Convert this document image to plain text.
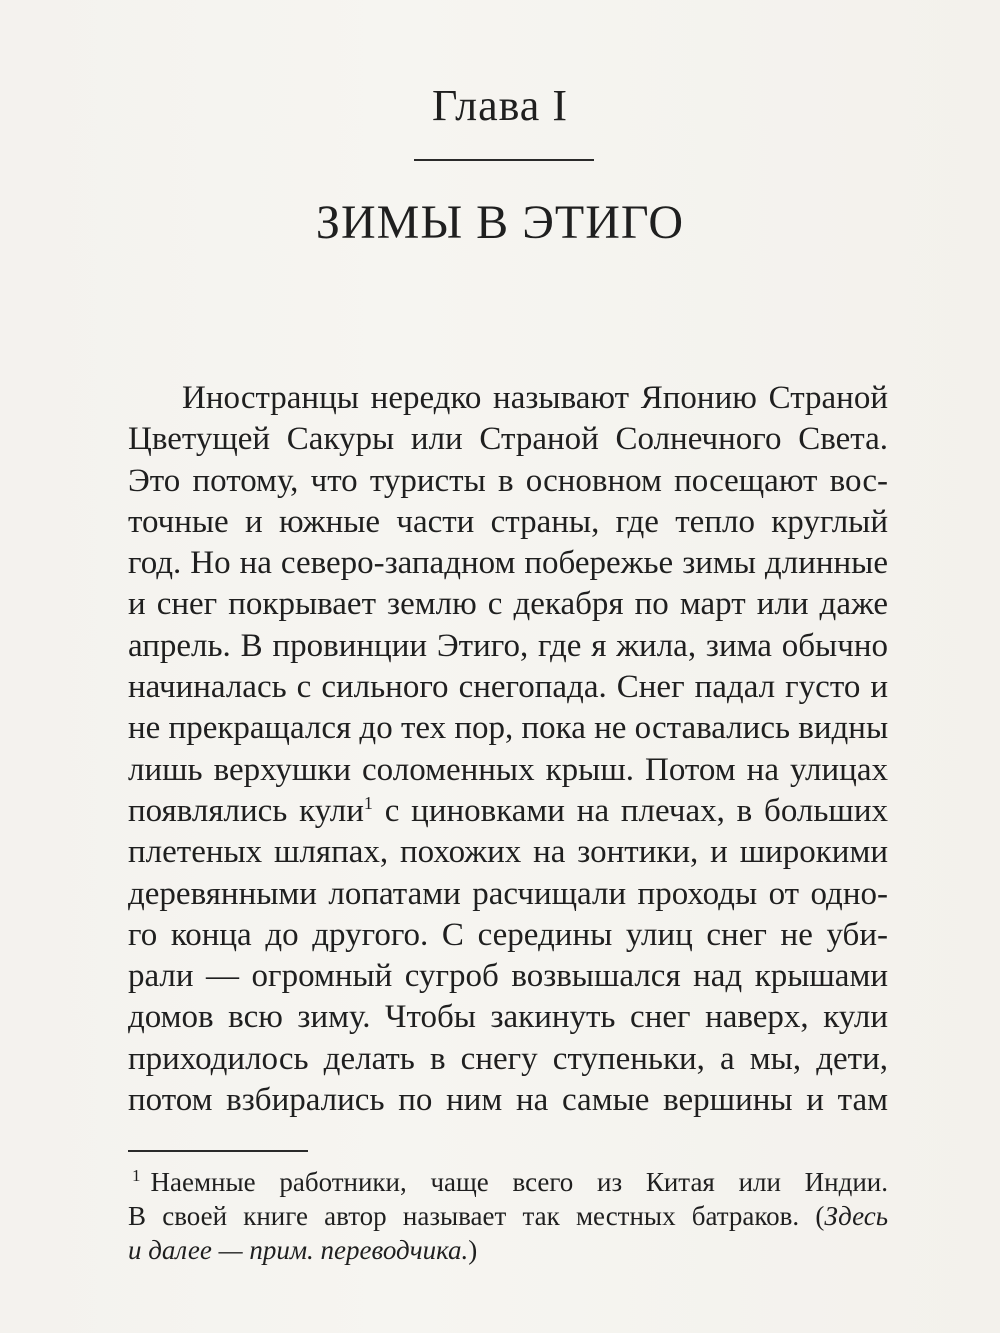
Глава I
ЗИМЫ В ЭТИГО
Иностранцы нередко называют Японию Страной
Цветущей Сакуры или Страной Солнечного Света.
Это потому, что туристы в основном посещают вос-
точные и южные части страны, где тепло круглый
год. Но на северо-западном побережье зимы длинные
и снег покрывает землю с декабря по март или даже
апрель. В провинции Этиго, где я жила, зима обычно
начиналась с сильного снегопада. Снег падал густо и
не прекращался до тех пор, пока не оставались видны
лишь верхушки соломенных крыш. Потом на улицах
появлялись кули$^1$ с циновками на плечах, в больших
плетеных шляпах, похожих на зонтики, и широкими
деревянными лопатами расчищали проходы от одно-
го конца до другого. С середины улиц снег не уби-
рали — огромный сугроб возвышался над крышами
домов всю зиму. Чтобы закинуть снег наверх, кули
приходилось делать в снегу ступеньки, а мы, дети,
потом взбирались по ним на самые вершины и там
$^1$ Наемные работники, чаще всего из Китая или Индии.
В своей книге автор называет так местных батраков. (Здесь
и далее — прим. переводчика.)
